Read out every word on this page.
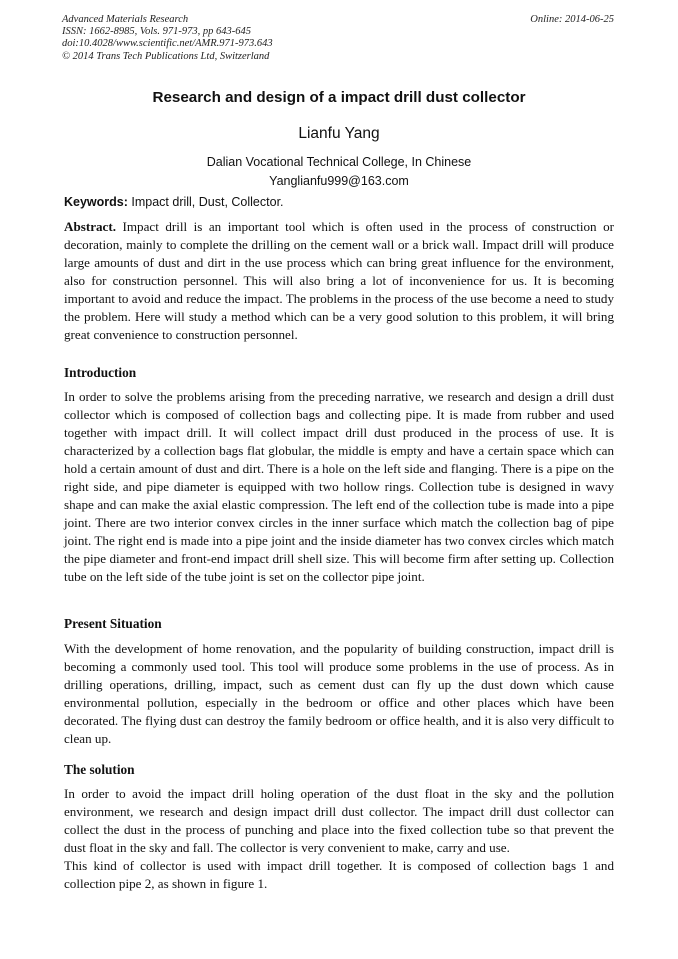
Advanced Materials Research
ISSN: 1662-8985, Vols. 971-973, pp 643-645
doi:10.4028/www.scientific.net/AMR.971-973.643
© 2014 Trans Tech Publications Ltd, Switzerland
Online: 2014-06-25
Research and design of a impact drill dust collector
Lianfu Yang
Dalian Vocational Technical College, In Chinese
Yanglianfu999@163.com
Keywords: Impact drill, Dust, Collector.
Abstract. Impact drill is an important tool which is often used in the process of construction or decoration, mainly to complete the drilling on the cement wall or a brick wall. Impact drill will produce large amounts of dust and dirt in the use process which can bring great influence for the environment, also for construction personnel. This will also bring a lot of inconvenience for us. It is becoming important to avoid and reduce the impact. The problems in the process of the use become a need to study the problem. Here will study a method which can be a very good solution to this problem, it will bring great convenience to construction personnel.
Introduction
In order to solve the problems arising from the preceding narrative, we research and design a drill dust collector which is composed of collection bags and collecting pipe. It is made from rubber and used together with impact drill. It will collect impact drill dust produced in the process of use. It is characterized by a collection bags flat globular, the middle is empty and have a certain space which can hold a certain amount of dust and dirt. There is a hole on the left side and flanging. There is a pipe on the right side, and pipe diameter is equipped with two hollow rings. Collection tube is designed in wavy shape and can make the axial elastic compression. The left end of the collection tube is made into a pipe joint. There are two interior convex circles in the inner surface which match the collection bag of pipe joint. The right end is made into a pipe joint and the inside diameter has two convex circles which match the pipe diameter and front-end impact drill shell size. This will become firm after setting up. Collection tube on the left side of the tube joint is set on the collector pipe joint.
Present Situation
With the development of home renovation, and the popularity of building construction, impact drill is becoming a commonly used tool. This tool will produce some problems in the use of process. As in drilling operations, drilling, impact, such as cement dust can fly up the dust down which cause environmental pollution, especially in the bedroom or office and other places which have been decorated. The flying dust can destroy the family bedroom or office health, and it is also very difficult to clean up.
The solution
In order to avoid the impact drill holing operation of the dust float in the sky and the pollution environment, we research and design impact drill dust collector. The impact drill dust collector can collect the dust in the process of punching and place into the fixed collection tube so that prevent the dust float in the sky and fall. The collector is very convenient to make, carry and use.
This kind of collector is used with impact drill together. It is composed of collection bags 1 and collection pipe 2, as shown in figure 1.
